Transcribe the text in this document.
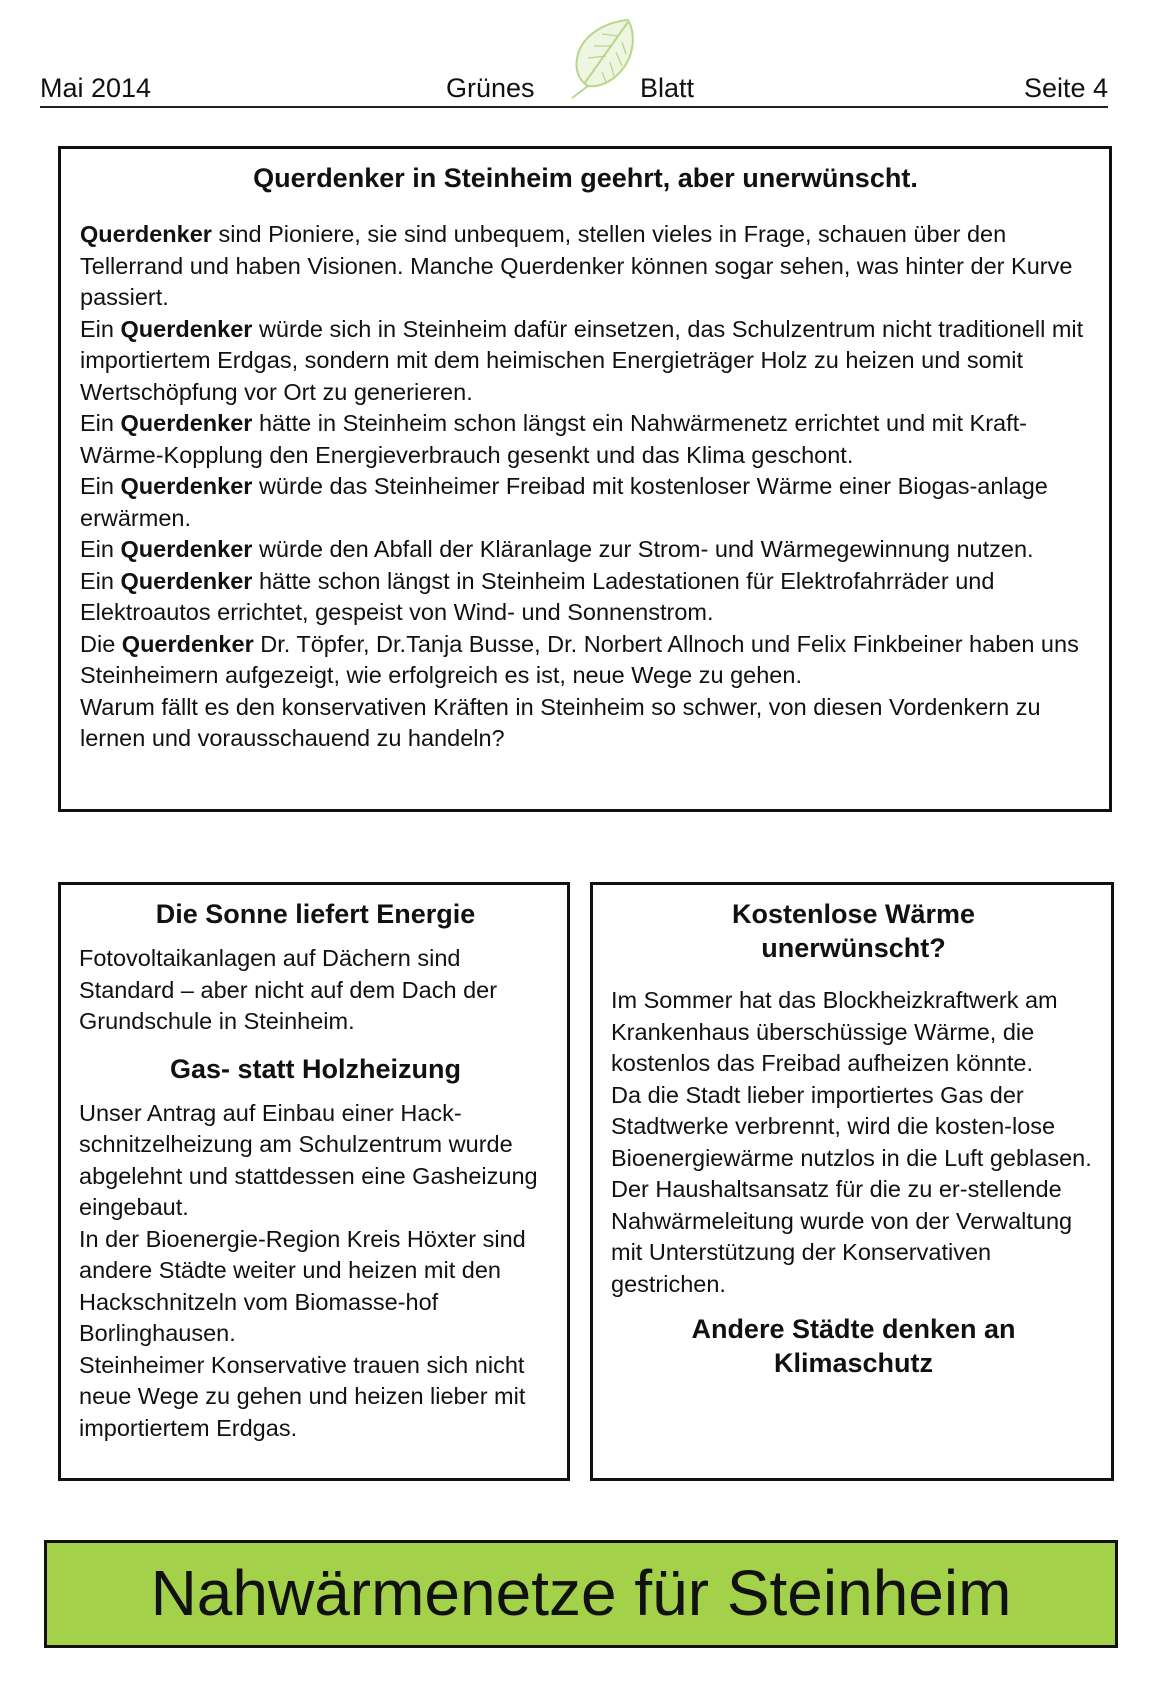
Mai 2014	Grünes	Blatt	Seite 4
Querdenker in Steinheim geehrt, aber unerwünscht.

Querdenker sind Pioniere, sie sind unbequem, stellen vieles in Frage, schauen über den Tellerrand und haben Visionen. Manche Querdenker können sogar sehen, was hinter der Kurve passiert.

Ein Querdenker würde sich in Steinheim dafür einsetzen, das Schulzentrum nicht traditionell mit importiertem Erdgas, sondern mit dem heimischen Energieträger Holz zu heizen und somit Wertschöpfung vor Ort zu generieren.

Ein Querdenker hätte in Steinheim schon längst ein Nahwärmenetz errichtet und mit Kraft-Wärme-Kopplung den Energieverbrauch gesenkt und das Klima geschont.

Ein Querdenker würde das Steinheimer Freibad mit kostenloser Wärme einer Biogas-anlage erwärmen.

Ein Querdenker würde den Abfall der Kläranlage zur Strom- und Wärmegewinnung nutzen.

Ein Querdenker hätte schon längst in Steinheim Ladestationen für Elektrofahrräder und Elektroautos errichtet, gespeist von Wind- und Sonnenstrom.

Die Querdenker Dr. Töpfer, Dr.Tanja Busse, Dr. Norbert Allnoch und Felix Finkbeiner haben uns Steinheimern aufgezeigt, wie erfolgreich es ist, neue Wege zu gehen.

Warum fällt es den konservativen Kräften in Steinheim so schwer, von diesen Vordenkern zu lernen und vorausschauend zu handeln?

Die Sonne liefert Energie

Fotovoltaikanlagen auf Dächern sind Standard – aber nicht auf dem Dach der Grundschule in Steinheim.

Gas- statt Holzheizung

Unser Antrag auf Einbau einer Hack-schnitzelheizung am Schulzentrum wurde abgelehnt und stattdessen eine Gasheizung eingebaut.

In der Bioenergie-Region Kreis Höxter sind andere Städte weiter und heizen mit den Hackschnitzeln vom Biomasse-hof Borlinghausen.

Steinheimer Konservative trauen sich nicht neue Wege zu gehen und heizen lieber mit importiertem Erdgas.

Kostenlose Wärme
unerwünscht?

Im Sommer hat das Blockheizkraftwerk am Krankenhaus überschüssige Wärme, die kostenlos das Freibad aufheizen könnte.

Da die Stadt lieber importiertes Gas der Stadtwerke verbrennt, wird die kosten-lose Bioenergiewärme nutzlos in die Luft geblasen.

Der Haushaltsansatz für die zu er-stellende Nahwärmeleitung wurde von der Verwaltung mit Unterstützung der Konservativen gestrichen.

Andere Städte denken an
Klimaschutz
Nahwärmenetze für Steinheim
